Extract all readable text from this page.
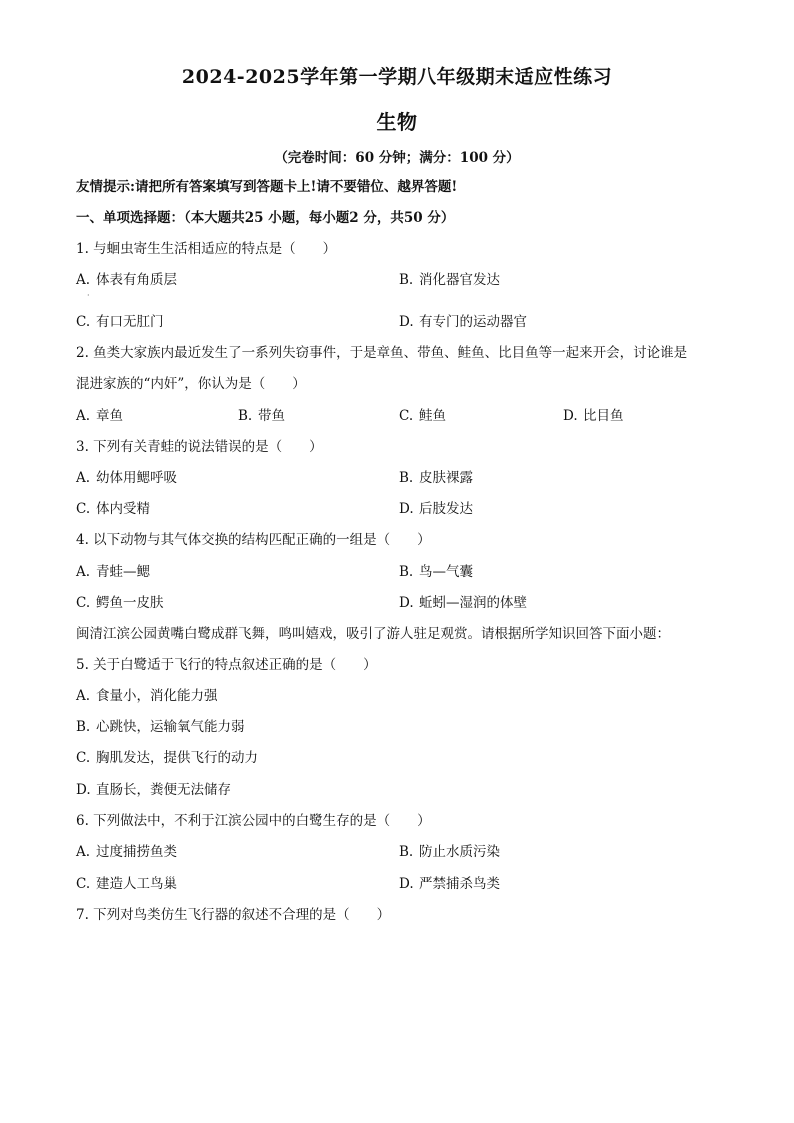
2024-2025学年第一学期八年级期末适应性练习
生物
（完卷时间：60 分钟；满分：100 分）
友情提示:请把所有答案填写到答题卡上!请不要错位、越界答题!
一、单项选择题：（本大题共25 小题，每小题2 分，共50 分）
1. 与蛔虫寄生生活相适应的特点是（　　）
A. 体表有角质层	B. 消化器官发达
·
C. 有口无肛门	D. 有专门的运动器官
2. 鱼类大家族内最近发生了一系列失窃事件，于是章鱼、带鱼、鲑鱼、比目鱼等一起来开会，讨论谁是
混进家族的“内奸”，你认为是（　　）
A. 章鱼	B. 带鱼	C. 鲑鱼	D. 比目鱼
3. 下列有关青蛙的说法错误的是（　　）
A. 幼体用鳃呼吸	B. 皮肤裸露
C. 体内受精	D. 后肢发达
4. 以下动物与其气体交换的结构匹配正确的一组是（　　）
A. 青蛙—鳃	B. 鸟—气囊
C. 鳄鱼一皮肤	D. 蚯蚓—湿润的体壁
闽清江滨公园黄嘴白鹭成群飞舞，鸣叫嬉戏，吸引了游人驻足观赏。请根据所学知识回答下面小题：
5. 关于白鹭适于飞行的特点叙述正确的是（　　）
A. 食量小，消化能力强
B. 心跳快，运输氧气能力弱
C. 胸肌发达，提供飞行的动力
D. 直肠长，粪便无法储存
6. 下列做法中，不利于江滨公园中的白鹭生存的是（　　）
A. 过度捕捞鱼类	B. 防止水质污染
C. 建造人工鸟巢	D. 严禁捕杀鸟类
7. 下列对鸟类仿生飞行器的叙述不合理的是（　　）
